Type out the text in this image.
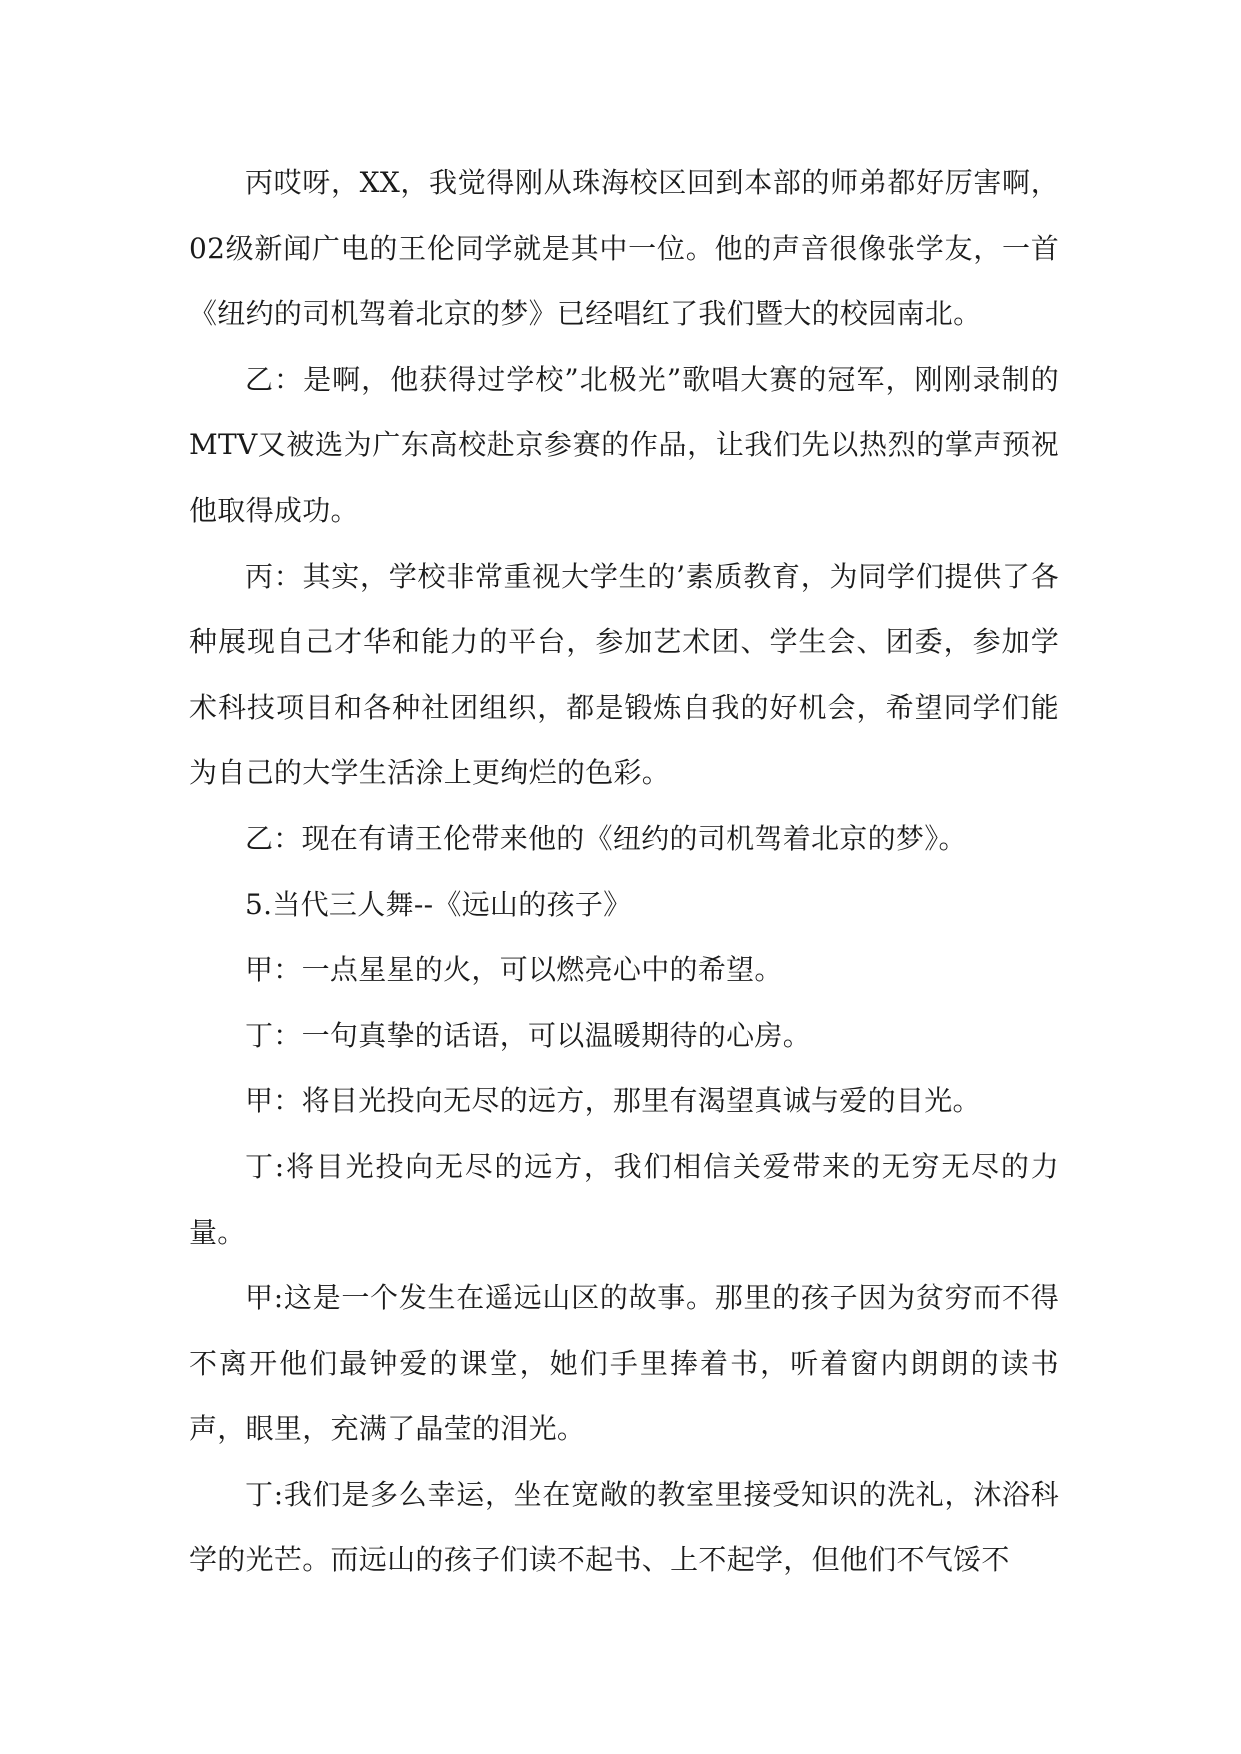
丙哎呀，XX，我觉得刚从珠海校区回到本部的师弟都好厉害啊，02级新闻广电的王伦同学就是其中一位。他的声音很像张学友，一首《纽约的司机驾着北京的梦》已经唱红了我们暨大的校园南北。

乙：是啊，他获得过学校”北极光”歌唱大赛的冠军，刚刚录制的MTV又被选为广东高校赴京参赛的作品，让我们先以热烈的掌声预祝他取得成功。

丙：其实，学校非常重视大学生的’素质教育，为同学们提供了各种展现自己才华和能力的平台，参加艺术团、学生会、团委，参加学术科技项目和各种社团组织，都是锻炼自我的好机会，希望同学们能为自己的大学生活涂上更绚烂的色彩。

乙：现在有请王伦带来他的《纽约的司机驾着北京的梦》。

5.当代三人舞--《远山的孩子》

甲：一点星星的火，可以燃亮心中的希望。

丁：一句真挚的话语，可以温暖期待的心房。

甲：将目光投向无尽的远方，那里有渴望真诚与爱的目光。

丁:将目光投向无尽的远方，我们相信关爱带来的无穷无尽的力量。

甲:这是一个发生在遥远山区的故事。那里的孩子因为贫穷而不得不离开他们最钟爱的课堂，她们手里捧着书，听着窗内朗朗的读书声，眼里，充满了晶莹的泪光。

丁:我们是多么幸运，坐在宽敞的教室里接受知识的洗礼，沐浴科学的光芒。而远山的孩子们读不起书、上不起学，但他们不气馁不
